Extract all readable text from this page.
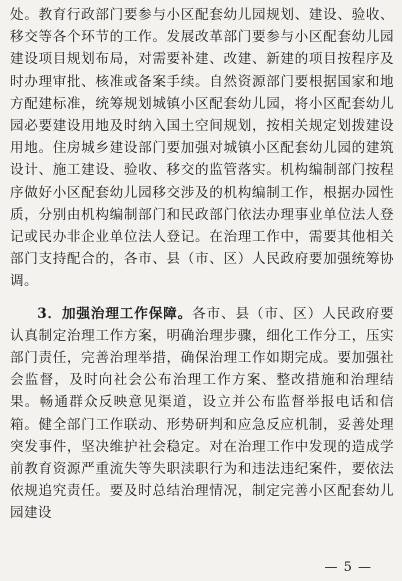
处。教育行政部门要参与小区配套幼儿园规划、建设、验收、移交等各个环节的工作。发展改革部门要参与小区配套幼儿园建设项目规划布局，对需要补建、改建、新建的项目按程序及时办理审批、核准或备案手续。自然资源部门要根据国家和地方配建标准，统筹规划城镇小区配套幼儿园，将小区配套幼儿园必要建设用地及时纳入国土空间规划，按相关规定划拨建设用地。住房城乡建设部门要加强对城镇小区配套幼儿园的建筑设计、施工建设、验收、移交的监管落实。机构编制部门按程序做好小区配套幼儿园移交涉及的机构编制工作，根据办园性质，分别由机构编制部门和民政部门依法办理事业单位法人登记或民办非企业单位法人登记。在治理工作中，需要其他相关部门支持配合的，各市、县（市、区）人民政府要加强统筹协调。

3．加强治理工作保障。各市、县（市、区）人民政府要认真制定治理工作方案，明确治理步骤，细化工作分工，压实部门责任，完善治理举措，确保治理工作如期完成。要加强社会监督，及时向社会公布治理工作方案、整改措施和治理结果。畅通群众反映意见渠道，设立并公布监督举报电话和信箱。健全部门工作联动、形势研判和应急反应机制，妥善处理突发事件，坚决维护社会稳定。对在治理工作中发现的造成学前教育资源严重流失等失职渎职行为和违法违纪案件，要依法依规追究责任。要及时总结治理情况，制定完善小区配套幼儿园建设

— 5 —
